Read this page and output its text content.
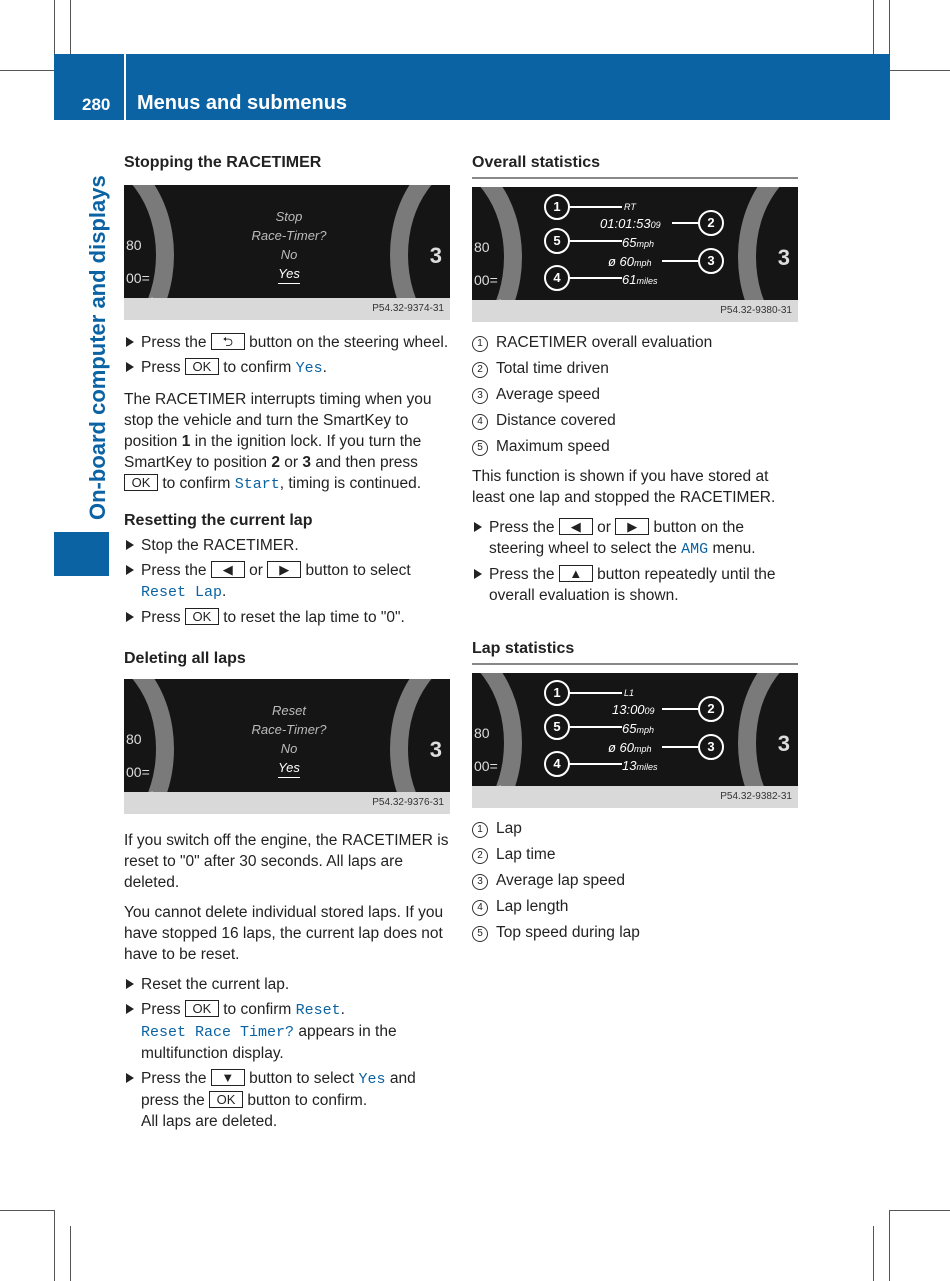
280 Menus and submenus
On-board computer and displays
Stopping the RACETIMER
80
00=
3
Stop
Race-Timer?
No
Yes
P54.32-9374-31
Press the ⮌ button on the steering wheel.
Press OK to confirm Yes.

The RACETIMER interrupts timing when you stop the vehicle and turn the SmartKey to position 1 in the ignition lock. If you turn the SmartKey to position 2 or 3 and then press OK to confirm Start, timing is continued.

Resetting the current lap
Stop the RACETIMER.
Press the ◀ or ▶ button to select Reset Lap.
Press OK to reset the lap time to "0".
Deleting all laps
80
00=
3
Reset
Race-Timer?
No
Yes
P54.32-9376-31

If you switch off the engine, the RACETIMER is reset to "0" after 30 seconds. All laps are deleted.

You cannot delete individual stored laps. If you have stopped 16 laps, the current lap does not have to be reset.

Reset the current lap.
Press OK to confirm Reset.
Reset Race Timer? appears in the multifunction display.
Press the ▼ button to select Yes and press the OK button to confirm.
All laps are deleted.
Overall statistics
80
00=
3
1
2
5
3
4
RT
01:01:5309
65mph
ø 60mph
61miles
P54.32-9380-31
1 RACETIMER overall evaluation
2 Total time driven
3 Average speed
4 Distance covered
5 Maximum speed

This function is shown if you have stored at least one lap and stopped the RACETIMER.

Press the ◀ or ▶ button on the steering wheel to select the AMG menu.
Press the ▲ button repeatedly until the overall evaluation is shown.
Lap statistics
80
00=
3
1
2
5
3
4
L1
13:0009
65mph
ø 60mph
13miles
P54.32-9382-31
1 Lap
2 Lap time
3 Average lap speed
4 Lap length
5 Top speed during lap
